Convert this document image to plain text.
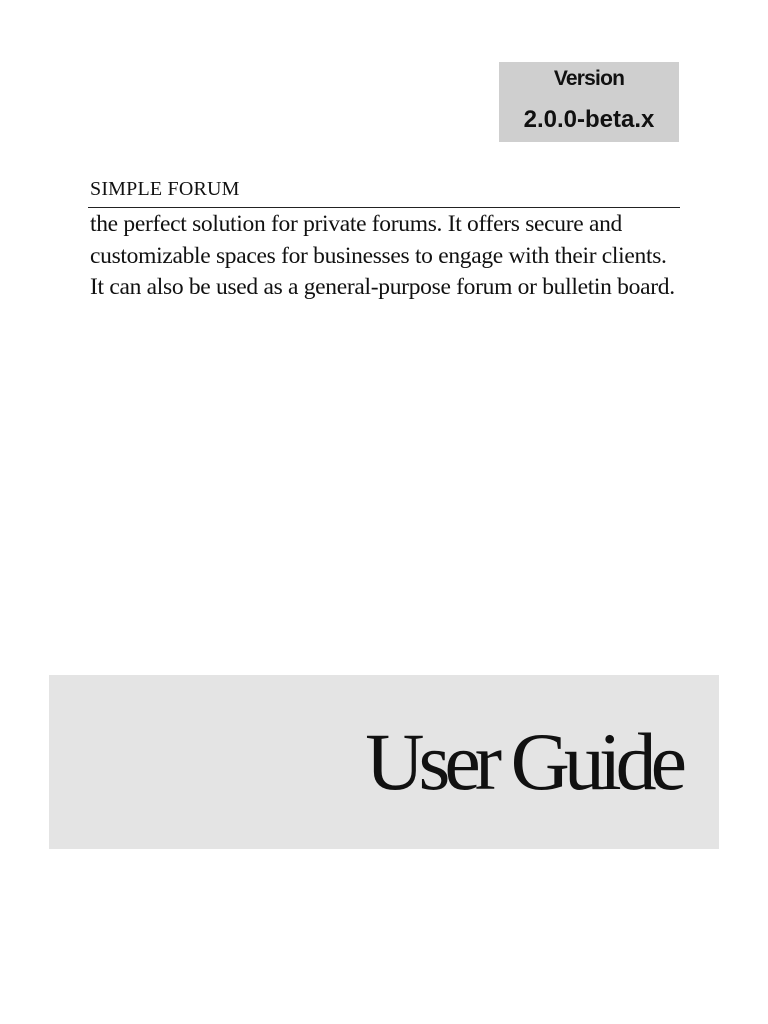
Version
2.0.0-beta.x
SIMPLE FORUM
the perfect solution for private forums. It offers secure and customizable spaces for businesses to engage with their clients. It can also be used as a general-purpose forum or bulletin board.
User Guide
